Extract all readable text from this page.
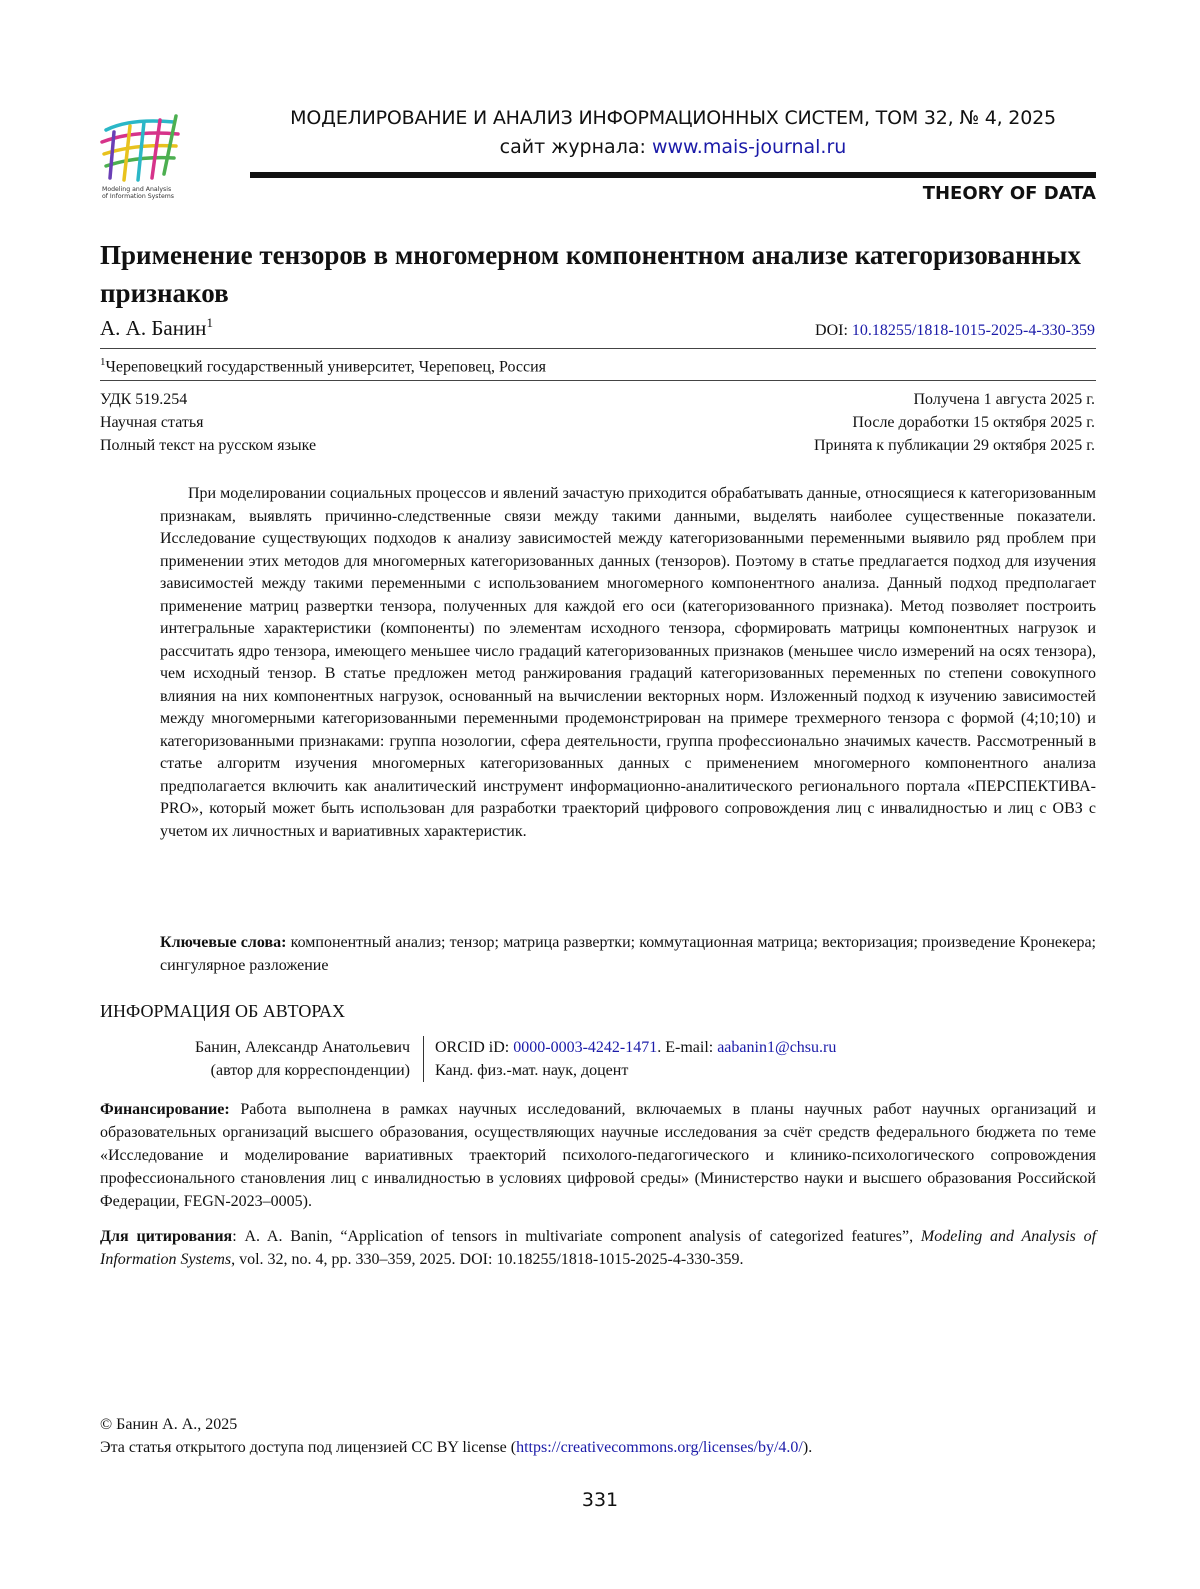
Modeling and Analysis
of Information Systems
МОДЕЛИРОВАНИЕ И АНАЛИЗ ИНФОРМАЦИОННЫХ СИСТЕМ, ТОМ 32, № 4, 2025
сайт журнала: www.mais-journal.ru
THEORY OF DATA
Применение тензоров в многомерном компонентном анализе категоризованных признаков
А. А. Банин$^1$	DOI: 10.18255/1818-1015-2025-4-330-359
$^1$Череповецкий государственный университет, Череповец, Россия
УДК 519.254
Научная статья
Полный текст на русском языке
Получена 1 августа 2025 г.
После доработки 15 октября 2025 г.
Принята к публикации 29 октября 2025 г.
При моделировании социальных процессов и явлений зачастую приходится обрабатывать данные, относящиеся к категоризованным признакам, выявлять причинно-следственные связи между такими данными, выделять наиболее существенные показатели. Исследование существующих подходов к анализу зависимостей между категоризованными переменными выявило ряд проблем при применении этих методов для многомерных категоризованных данных (тензоров). Поэтому в статье предлагается подход для изучения зависимостей между такими переменными с использованием многомерного компонентного анализа. Данный подход предполагает применение матриц развертки тензора, полученных для каждой его оси (категоризованного признака). Метод позволяет построить интегральные характеристики (компоненты) по элементам исходного тензора, сформировать матрицы компонентных нагрузок и рассчитать ядро тензора, имеющего меньшее число градаций категоризованных признаков (меньшее число измерений на осях тензора), чем исходный тензор. В статье предложен метод ранжирования градаций категоризованных переменных по степени совокупного влияния на них компонентных нагрузок, основанный на вычислении векторных норм. Изложенный подход к изучению зависимостей между многомерными категоризованными переменными продемонстрирован на примере трехмерного тензора с формой (4;10;10) и категоризованными признаками: группа нозологии, сфера деятельности, группа профессионально значимых качеств. Рассмотренный в статье алгоритм изучения многомерных категоризованных данных с применением многомерного компонентного анализа предполагается включить как аналитический инструмент информационно-аналитического регионального портала «ПЕРСПЕКТИВА-PRO», который может быть использован для разработки траекторий цифрового сопровождения лиц с инвалидностью и лиц с ОВЗ с учетом их личностных и вариативных характеристик.
Ключевые слова: компонентный анализ; тензор; матрица развертки; коммутационная матрица; векторизация; произведение Кронекера; сингулярное разложение
ИНФОРМАЦИЯ ОБ АВТОРАХ
Банин, Александр Анатольевич
(автор для корреспонденции)
ORCID iD: 0000-0003-4242-1471. E-mail: aabanin1@chsu.ru
Канд. физ.-мат. наук, доцент
Финансирование: Работа выполнена в рамках научных исследований, включаемых в планы научных работ научных организаций и образовательных организаций высшего образования, осуществляющих научные исследования за счёт средств федерального бюджета по теме «Исследование и моделирование вариативных траекторий психолого-педагогического и клинико-психологического сопровождения профессионального становления лиц с инвалидностью в условиях цифровой среды» (Министерство науки и высшего образования Российской Федерации, FEGN-2023–0005).
Для цитирования: A. A. Banin, “Application of tensors in multivariate component analysis of categorized features”, Modeling and Analysis of Information Systems, vol. 32, no. 4, pp. 330–359, 2025. DOI: 10.18255/1818-1015-2025-4-330-359.
© Банин А. А., 2025
Эта статья открытого доступа под лицензией CC BY license (https://creativecommons.org/licenses/by/4.0/).
331
